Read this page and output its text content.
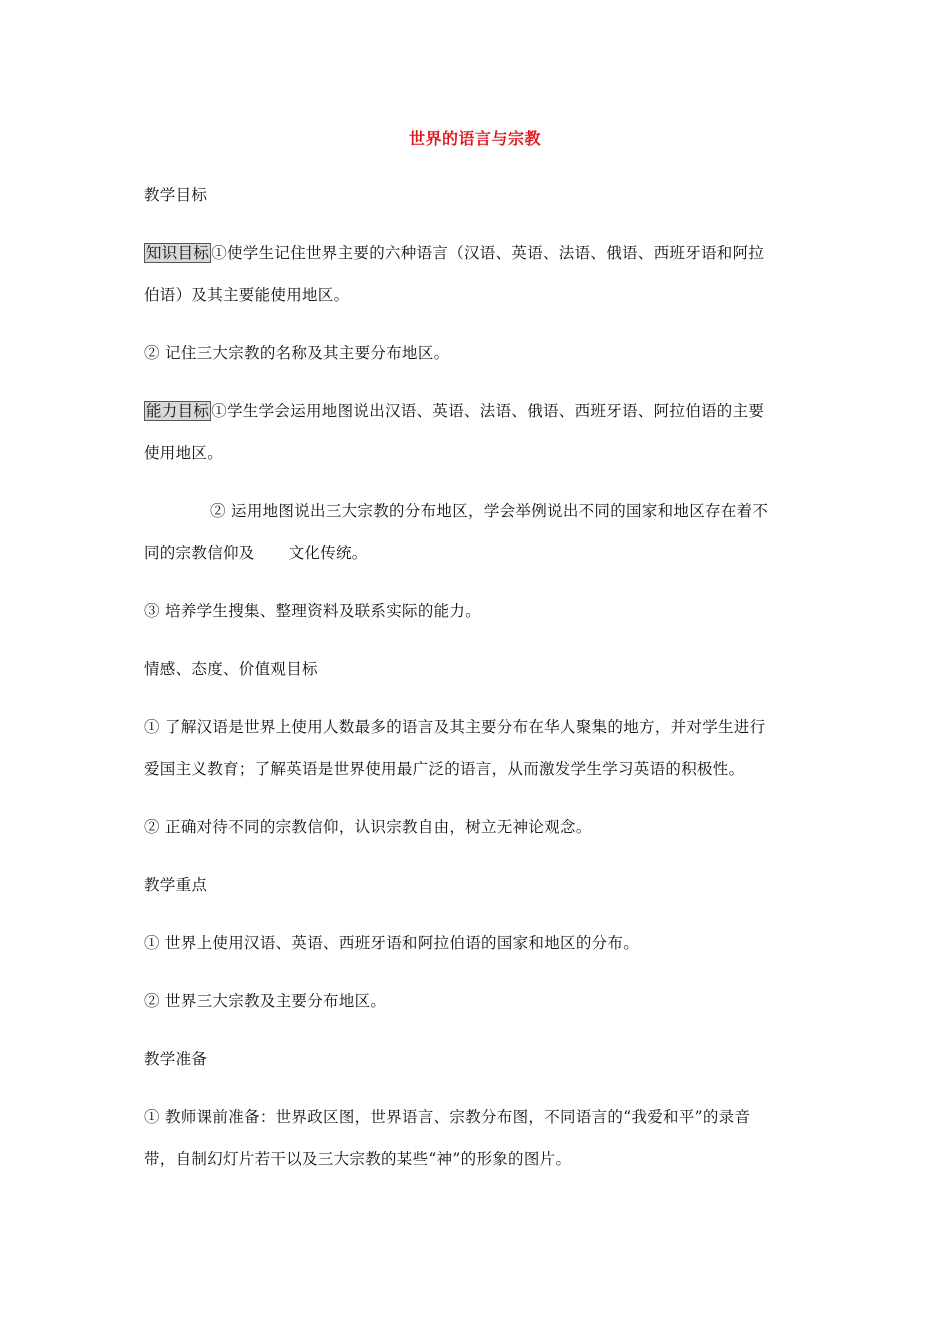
世界的语言与宗教
教学目标
知识目标 ①使学生记住世界主要的六种语言（汉语、英语、法语、俄语、西班牙语和阿拉
伯语）及其主要能使用地区。
② 记住三大宗教的名称及其主要分布地区。
能力目标 ①学生学会运用地图说出汉语、英语、法语、俄语、西班牙语、阿拉伯语的主要
使用地区。
② 运用地图说出三大宗教的分布地区，学会举例说出不同的国家和地区存在着不
同的宗教信仰及 文化传统。
③ 培养学生搜集、整理资料及联系实际的能力。
情感、态度、价值观目标
① 了解汉语是世界上使用人数最多的语言及其主要分布在华人聚集的地方，并对学生进行
爱国主义教育；了解英语是世界使用最广泛的语言，从而激发学生学习英语的积极性。
② 正确对待不同的宗教信仰，认识宗教自由，树立无神论观念。
教学重点
① 世界上使用汉语、英语、西班牙语和阿拉伯语的国家和地区的分布。
② 世界三大宗教及主要分布地区。
教学准备
① 教师课前准备：世界政区图，世界语言、宗教分布图，不同语言的“我爱和平”的录音
带，自制幻灯片若干以及三大宗教的某些“神”的形象的图片。
